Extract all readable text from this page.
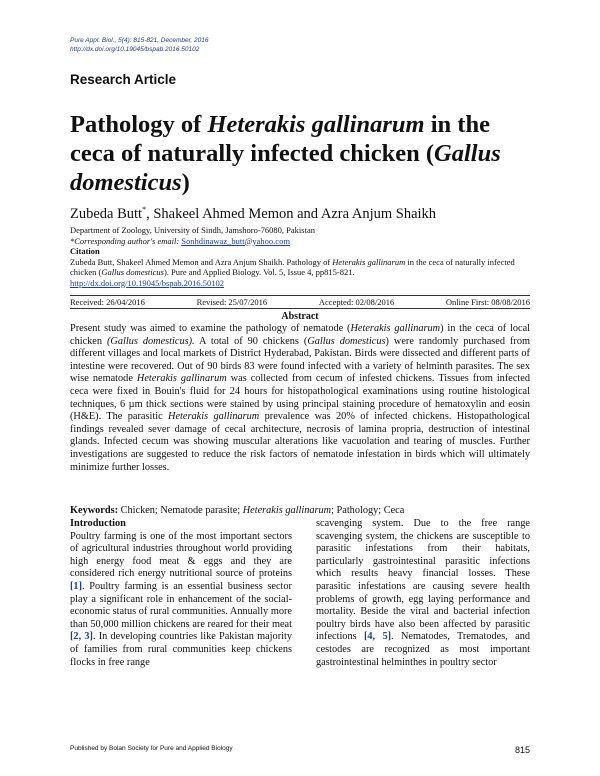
Pure Appl. Biol., 5(4): 815-821, December, 2016
http://dx.doi.org/10.19045/bspab.2016.50102
Research Article
Pathology of Heterakis gallinarum in the ceca of naturally infected chicken (Gallus domesticus)
Zubeda Butt*, Shakeel Ahmed Memon and Azra Anjum Shaikh
Department of Zoology, University of Sindh, Jamshoro-76080, Pakistan
*Corresponding author's email: Sonhdinawaz_butt@yahoo.com
Citation
Zubeda Butt, Shakeel Ahmed Memon and Azra Anjum Shaikh. Pathology of Heterakis gallinarum in the ceca of naturally infected chicken (Gallus domesticus). Pure and Applied Biology. Vol. 5, Issue 4, pp815-821.
http://dx.doi.org/10.19045/bspab.2016.50102
Received: 26/04/2016	Revised: 25/07/2016	Accepted: 02/08/2016	Online First: 08/08/2016
Abstract
Present study was aimed to examine the pathology of nematode (Heterakis gallinarum) in the ceca of local chicken (Gallus domesticus). A total of 90 chickens (Gallus domesticus) were randomly purchased from different villages and local markets of District Hyderabad, Pakistan. Birds were dissected and different parts of intestine were recovered. Out of 90 birds 83 were found infected with a variety of helminth parasites. The sex wise nematode Heterakis gallinarum was collected from cecum of infested chickens. Tissues from infected ceca were fixed in Bouin's fluid for 24 hours for histopathological examinations using routine histological techniques, 6 µm thick sections were stained by using principal staining procedure of hematoxylin and eosin (H&E). The parasitic Heterakis gallinarum prevalence was 20% of infected chickens. Histopathological findings revealed sever damage of cecal architecture, necrosis of lamina propria, destruction of intestinal glands. Infected cecum was showing muscular alterations like vacuolation and tearing of muscles. Further investigations are suggested to reduce the risk factors of nematode infestation in birds which will ultimately minimize further losses.
Keywords: Chicken; Nematode parasite; Heterakis gallinarum; Pathology; Ceca
Introduction
Poultry farming is one of the most important sectors of agricultural industries throughout world providing high energy food meat & eggs and they are considered rich energy nutritional source of proteins [1]. Poultry farming is an essential business sector play a significant role in enhancement of the social- economic status of rural communities. Annually more than 50,000 million chickens are reared for their meat [2, 3]. In developing countries like Pakistan majority of families from rural communities keep chickens flocks in free range
scavenging system. Due to the free range scavenging system, the chickens are susceptible to parasitic infestations from their habitats, particularly gastrointestinal parasitic infections which results heavy financial losses. These parasitic infestations are causing severe health problems of growth, egg laying performance and mortality. Beside the viral and bacterial infection poultry birds have also been affected by parasitic infections [4, 5]. Nematodes, Trematodes, and cestodes are recognized as most important gastrointestinal helminthes in poultry sector
Published by Bolan Society for Pure and Applied Biology	815
